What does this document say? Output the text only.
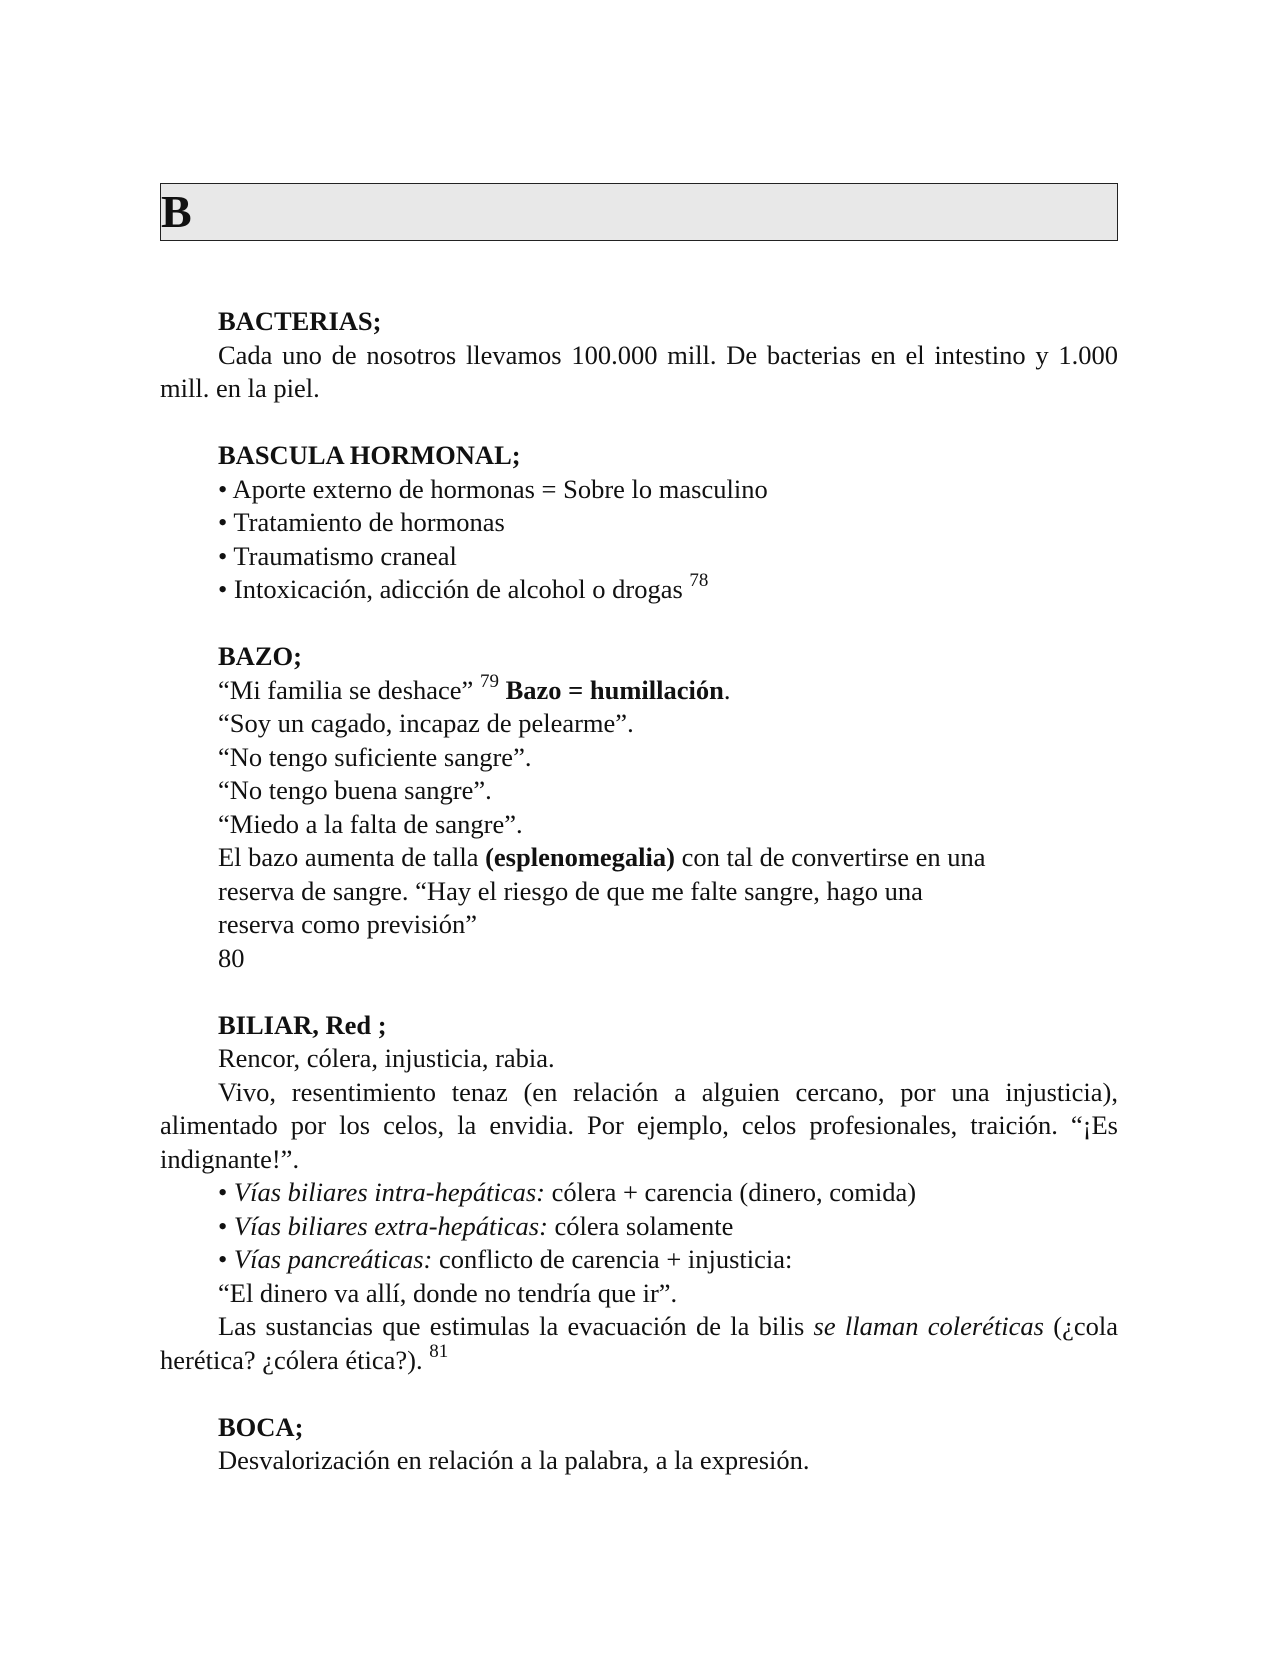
B
BACTERIAS;
Cada uno de nosotros llevamos 100.000 mill. De bacterias en el intestino y 1.000 mill. en la piel.
BASCULA HORMONAL;
• Aporte externo de hormonas = Sobre lo masculino
• Tratamiento de hormonas
• Traumatismo craneal
• Intoxicación, adicción de alcohol o drogas $^{78}$
BAZO;
“Mi familia se deshace” $^{79}$ Bazo = humillación.
“Soy un cagado, incapaz de pelearme”.
“No tengo suficiente sangre”.
“No tengo buena sangre”.
“Miedo a la falta de sangre”.
El bazo aumenta de talla (esplenomegalia) con tal de convertirse en una
reserva de sangre. “Hay el riesgo de que me falte sangre, hago una
reserva como previsión”
80
BILIAR, Red ;
Rencor, cólera, injusticia, rabia.
Vivo, resentimiento tenaz (en relación a alguien cercano, por una injusticia), alimentado por los celos, la envidia. Por ejemplo, celos profesionales, traición. “¡Es indignante!”.
• Vías biliares intra-hepáticas: cólera + carencia (dinero, comida)
• Vías biliares extra-hepáticas: cólera solamente
• Vías pancreáticas: conflicto de carencia + injusticia:
“El dinero va allí, donde no tendría que ir”.
Las sustancias que estimulas la evacuación de la bilis se llaman coleréticas (¿cola herética? ¿cólera ética?). $^{81}$
BOCA;
Desvalorización en relación a la palabra, a la expresión.
